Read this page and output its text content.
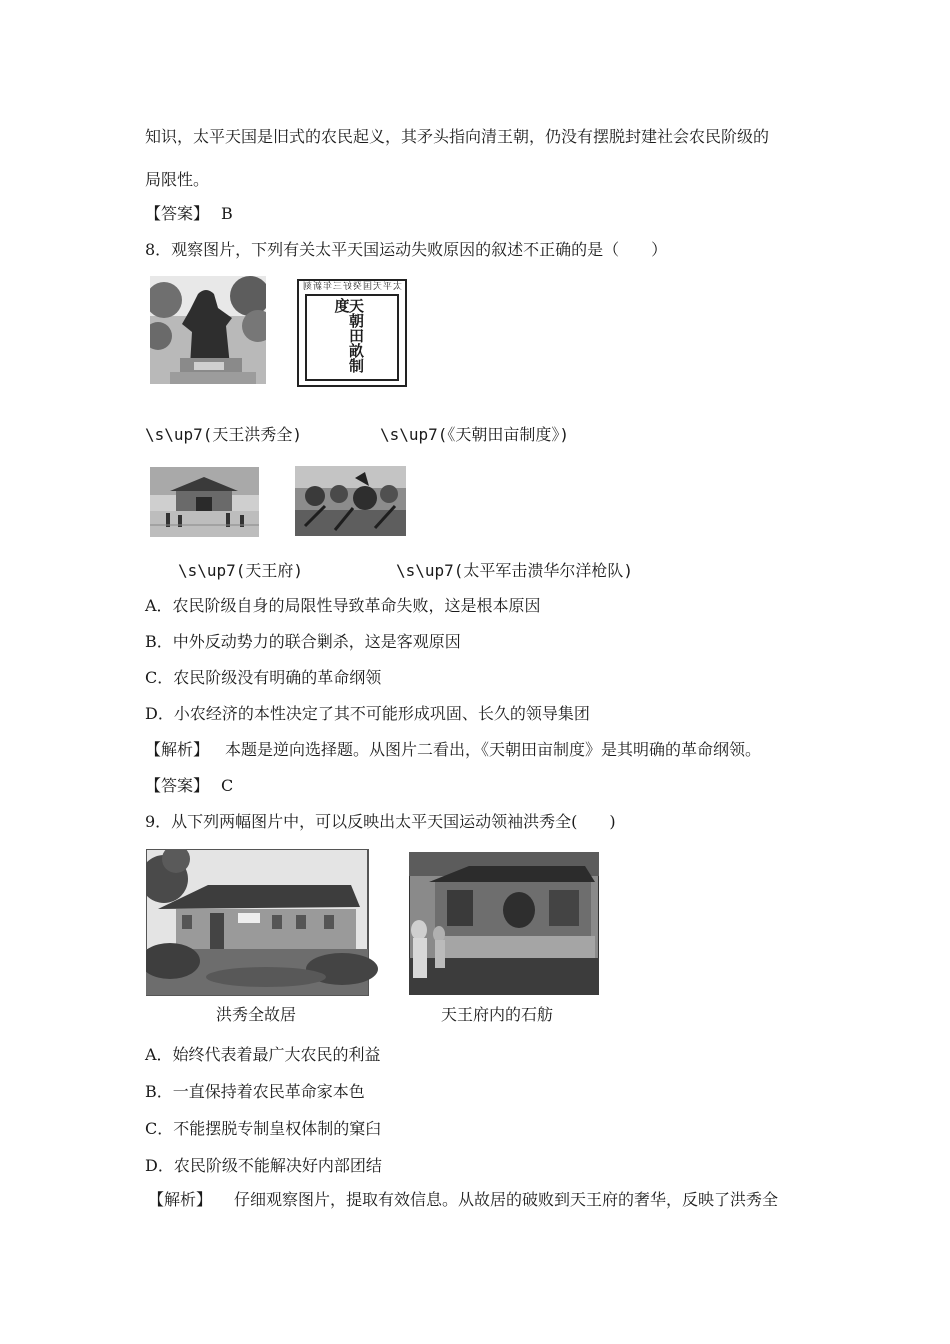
知识，太平天国是旧式的农民起义，其矛头指向清王朝，仍没有摆脱封建社会农民阶级的
局限性。
【答案】 B
8．观察图片，下列有关太平天国运动失败原因的叙述不正确的是（　　）
太平天国癸好三年新刻
天朝田畝制度
\s\up7(天王洪秀全)	\s\up7(《天朝田亩制度》)
\s\up7(天王府)	\s\up7(太平军击溃华尔洋枪队)
A．农民阶级自身的局限性导致革命失败，这是根本原因
B．中外反动势力的联合剿杀，这是客观原因
C．农民阶级没有明确的革命纲领
D．小农经济的本性决定了其不可能形成巩固、长久的领导集团
【解析】 本题是逆向选择题。从图片二看出，《天朝田亩制度》是其明确的革命纲领。
【答案】 C
9．从下列两幅图片中，可以反映出太平天国运动领袖洪秀全(　　)
洪秀全故居	天王府内的石舫
A．始终代表着最广大农民的利益
B．一直保持着农民革命家本色
C．不能摆脱专制皇权体制的窠臼
D．农民阶级不能解决好内部团结
【解析】 仔细观察图片，提取有效信息。从故居的破败到天王府的奢华，反映了洪秀全
